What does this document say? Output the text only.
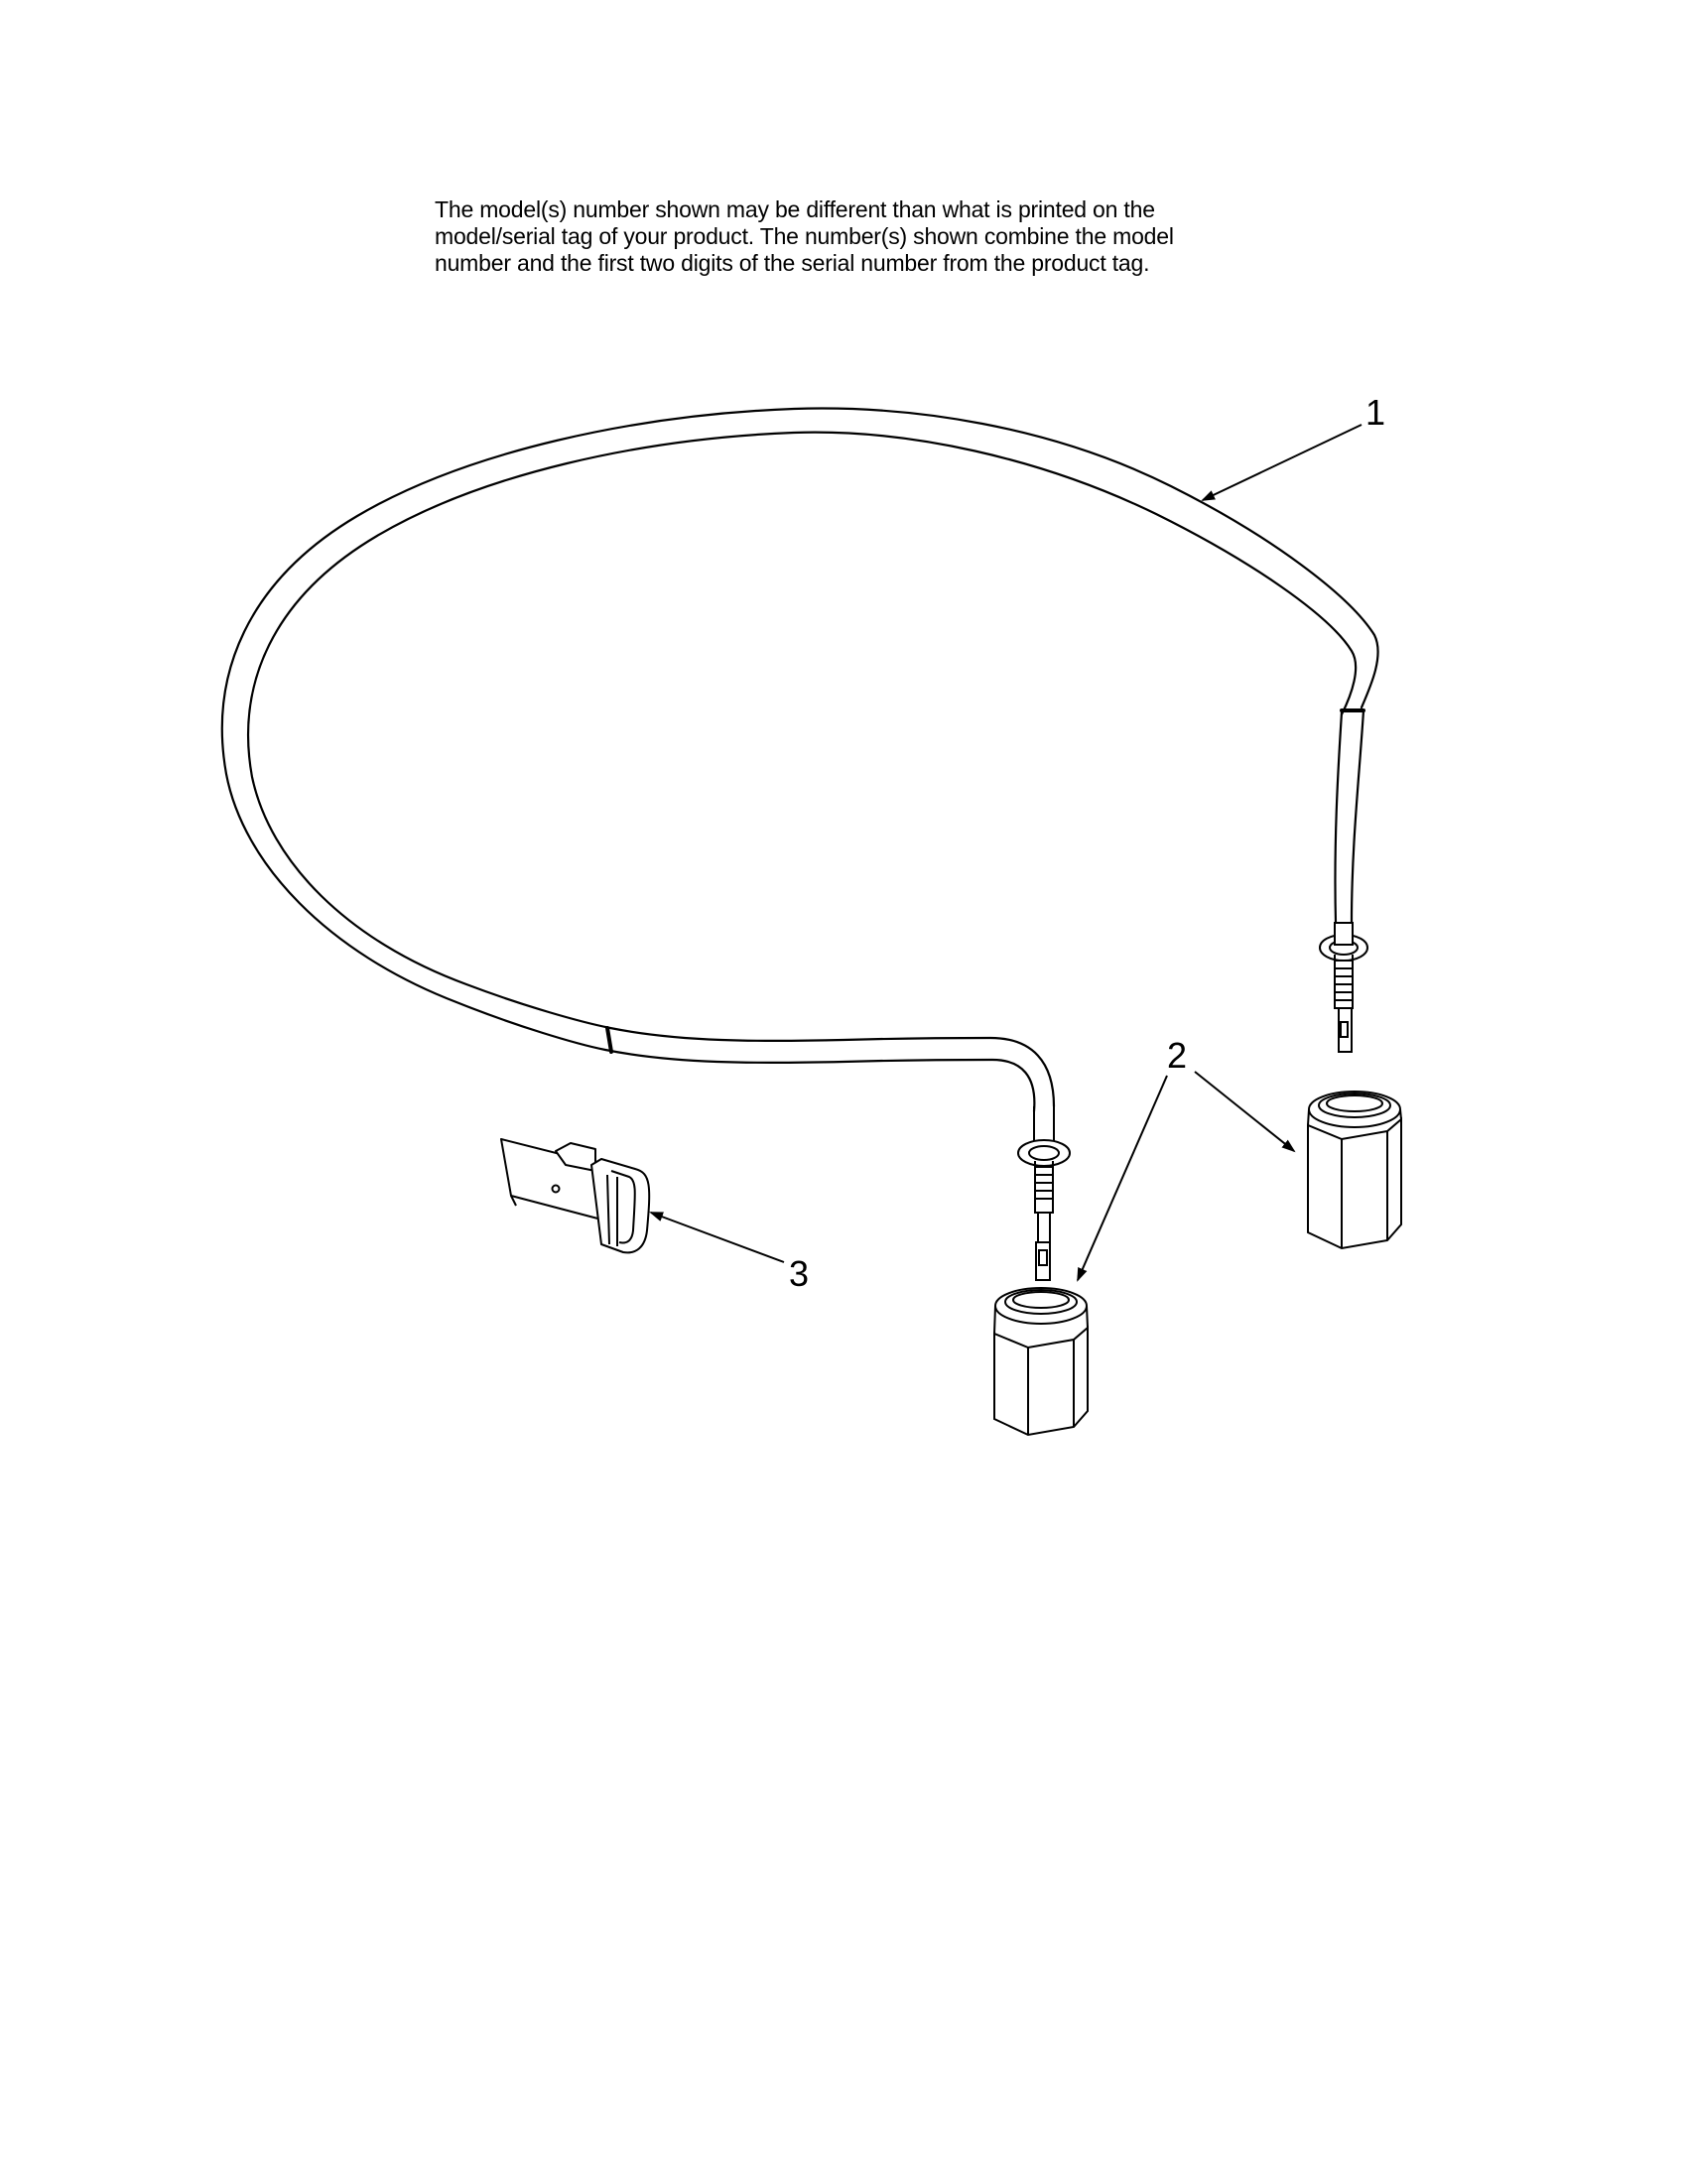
The model(s) number shown may be different than what is printed on the
model/serial tag of your product. The number(s) shown combine the model
number and the first two digits of the serial number from the product tag.
1
2
3
